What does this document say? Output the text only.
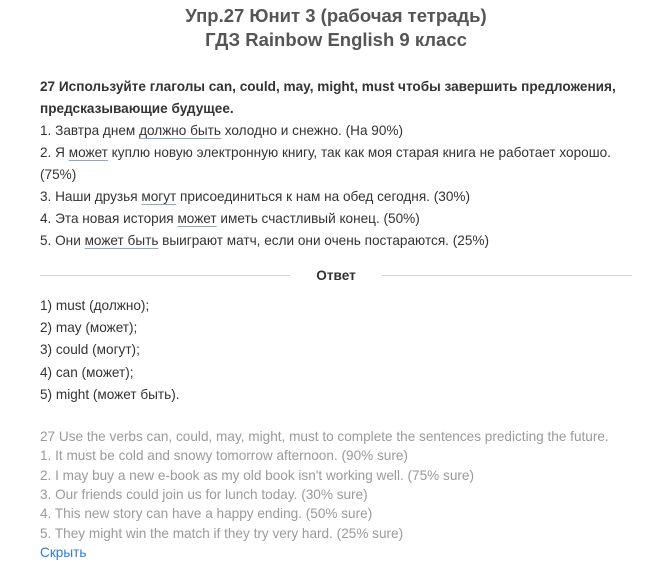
Упр.27 Юнит 3 (рабочая тетрадь)
ГДЗ Rainbow English 9 класс
27 Используйте глаголы can, could, may, might, must чтобы завершить предложения, предсказывающие будущее.
1. Завтра днем должно быть холодно и снежно. (На 90%)
2. Я может куплю новую электронную книгу, так как моя старая книга не работает хорошо. (75%)
3. Наши друзья могут присоединиться к нам на обед сегодня. (30%)
4. Эта новая история может иметь счастливый конец. (50%)
5. Они может быть выиграют матч, если они очень постараются. (25%)
Ответ
1) must (должно);
2) may (может);
3) could (могут);
4) can (может);
5) might (может быть).
27 Use the verbs can, could, may, might, must to complete the sentences predicting the future.
1. It must be cold and snowy tomorrow afternoon. (90% sure)
2. I may buy a new e-book as my old book isn't working well. (75% sure)
3. Our friends could join us for lunch today. (30% sure)
4. This new story can have a happy ending. (50% sure)
5. They might win the match if they try very hard. (25% sure)
Скрыть
